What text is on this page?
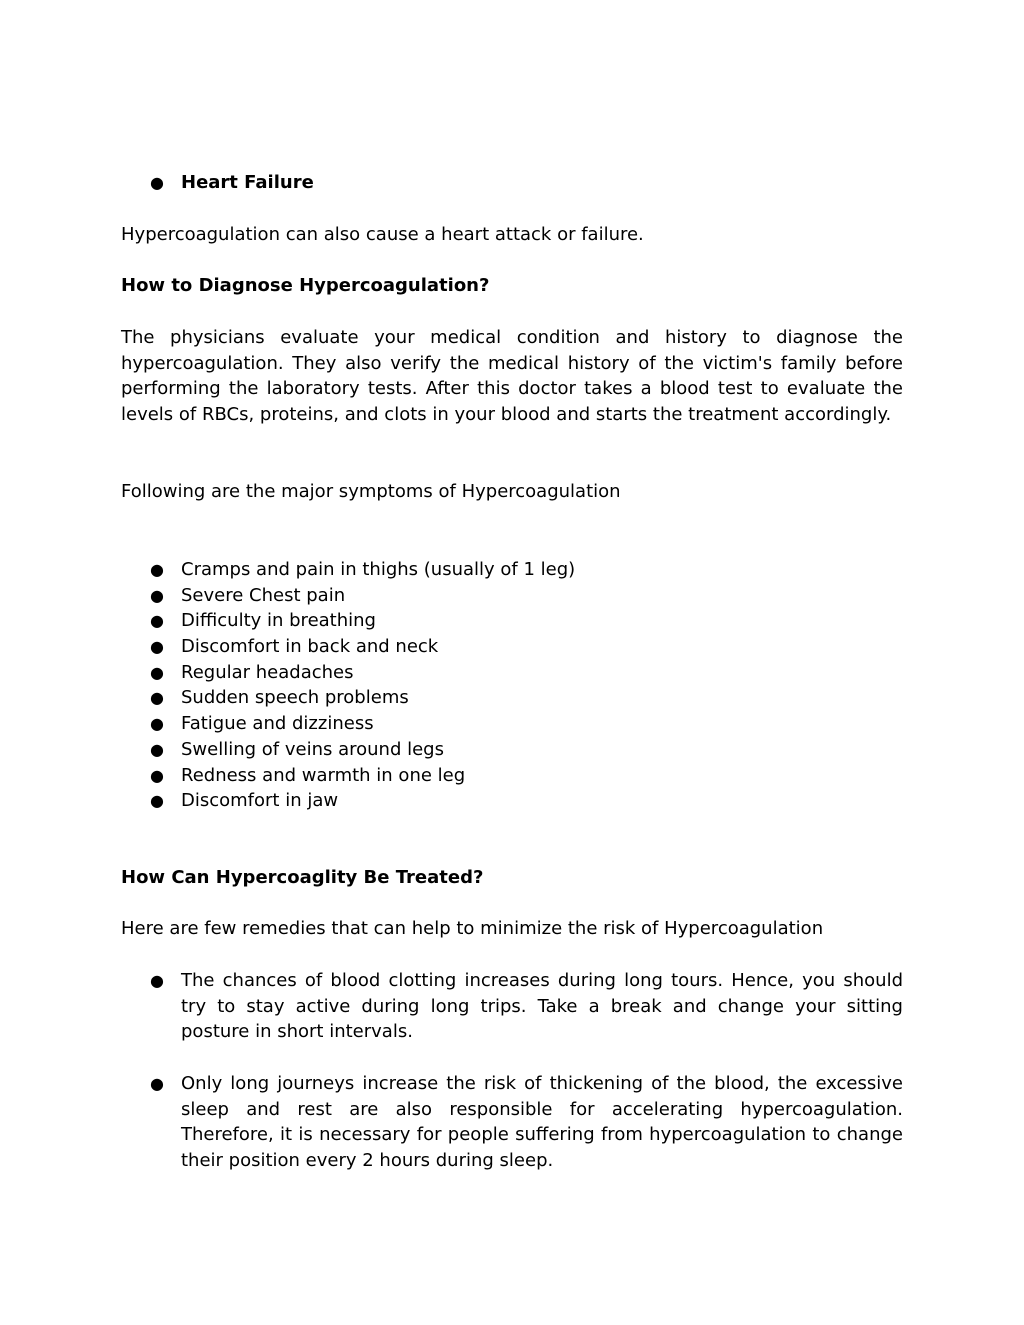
● Heart Failure
Hypercoagulation can also cause a heart attack or failure.
How to Diagnose Hypercoagulation?
The physicians evaluate your medical condition and history to diagnose the hypercoagulation. They also verify the medical history of the victim's family before performing the laboratory tests. After this doctor takes a blood test to evaluate the levels of RBCs, proteins, and clots in your blood and starts the treatment accordingly.
Following are the major symptoms of Hypercoagulation
● Cramps and pain in thighs (usually of 1 leg)
● Severe Chest pain
● Difficulty in breathing
● Discomfort in back and neck
● Regular headaches
● Sudden speech problems
● Fatigue and dizziness
● Swelling of veins around legs
● Redness and warmth in one leg
● Discomfort in jaw
How Can Hypercoaglity Be Treated?
Here are few remedies that can help to minimize the risk of Hypercoagulation
● The chances of blood clotting increases during long tours. Hence, you should try to stay active during long trips. Take a break and change your sitting posture in short intervals.
● Only long journeys increase the risk of thickening of the blood, the excessive sleep and rest are also responsible for accelerating hypercoagulation. Therefore, it is necessary for people suffering from hypercoagulation to change their position every 2 hours during sleep.
